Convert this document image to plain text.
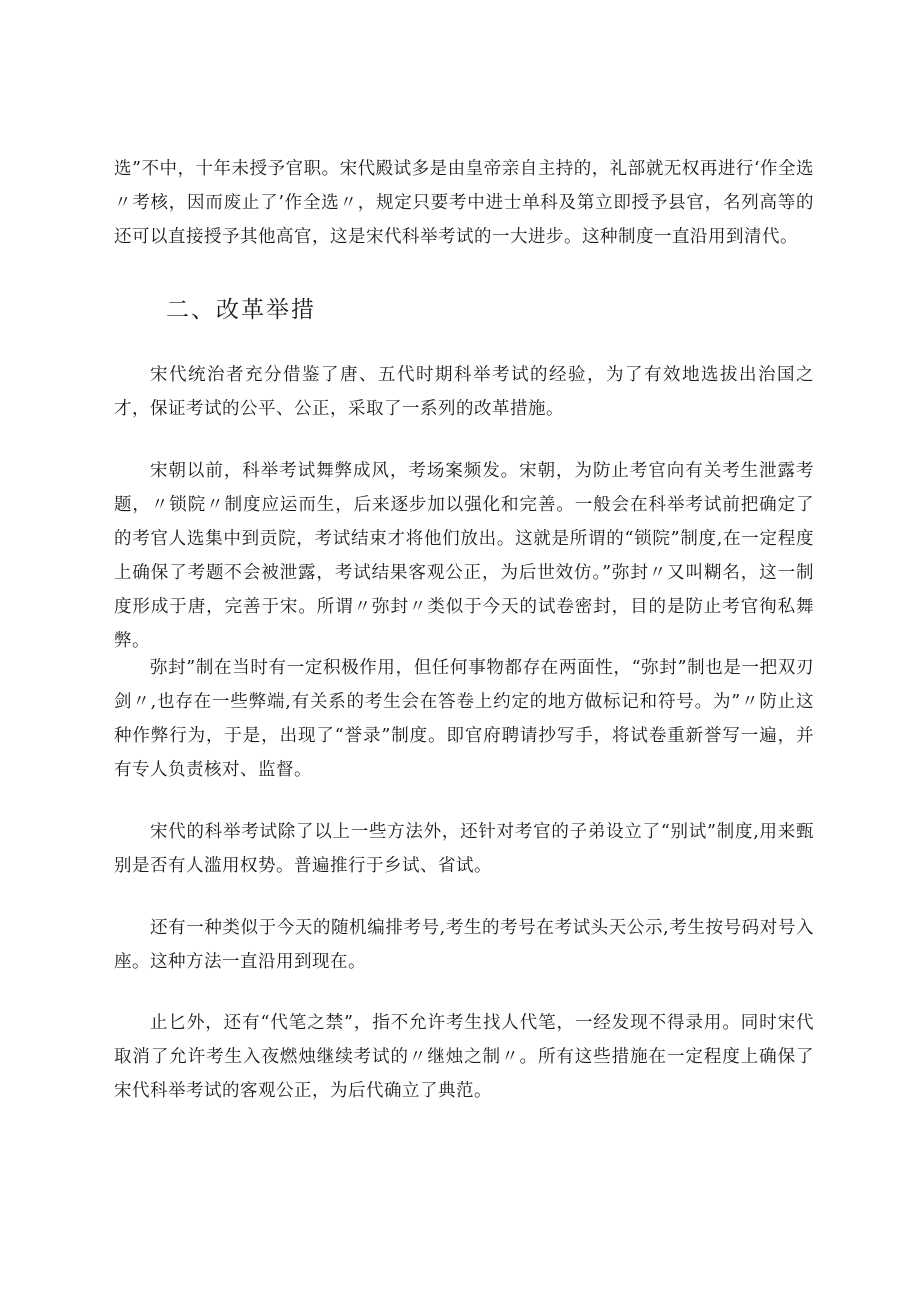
选”不中，十年未授予官职。宋代殿试多是由皇帝亲自主持的，礼部就无权再进行‘作全选〃考核，因而废止了’作全选〃，规定只要考中进士单科及第立即授予县官，名列高等的还可以直接授予其他高官，这是宋代科举考试的一大进步。这种制度一直沿用到清代。

二、改革举措

宋代统治者充分借鉴了唐、五代时期科举考试的经验，为了有效地选拔出治国之才，保证考试的公平、公正，采取了一系列的改革措施。

宋朝以前，科举考试舞弊成风，考场案频发。宋朝，为防止考官向有关考生泄露考题，〃锁院〃制度应运而生，后来逐步加以强化和完善。一般会在科举考试前把确定了的考官人选集中到贡院，考试结束才将他们放出。这就是所谓的“锁院”制度,在一定程度上确保了考题不会被泄露，考试结果客观公正，为后世效仿。”弥封〃又叫糊名，这一制度形成于唐，完善于宋。所谓〃弥封〃类似于今天的试卷密封，目的是防止考官徇私舞弊。

弥封”制在当时有一定积极作用，但任何事物都存在两面性，“弥封”制也是一把双刃剑〃,也存在一些弊端,有关系的考生会在答卷上约定的地方做标记和符号。为”〃防止这种作弊行为，于是，出现了“誉录”制度。即官府聘请抄写手，将试卷重新誉写一遍，并有专人负责核对、监督。

宋代的科举考试除了以上一些方法外，还针对考官的子弟设立了“别试”制度,用来甄别是否有人滥用权势。普遍推行于乡试、省试。

还有一种类似于今天的随机编排考号,考生的考号在考试头天公示,考生按号码对号入座。这种方法一直沿用到现在。

止匕外，还有“代笔之禁”，指不允许考生找人代笔，一经发现不得录用。同时宋代取消了允许考生入夜燃烛继续考试的〃继烛之制〃。所有这些措施在一定程度上确保了宋代科举考试的客观公正，为后代确立了典范。
